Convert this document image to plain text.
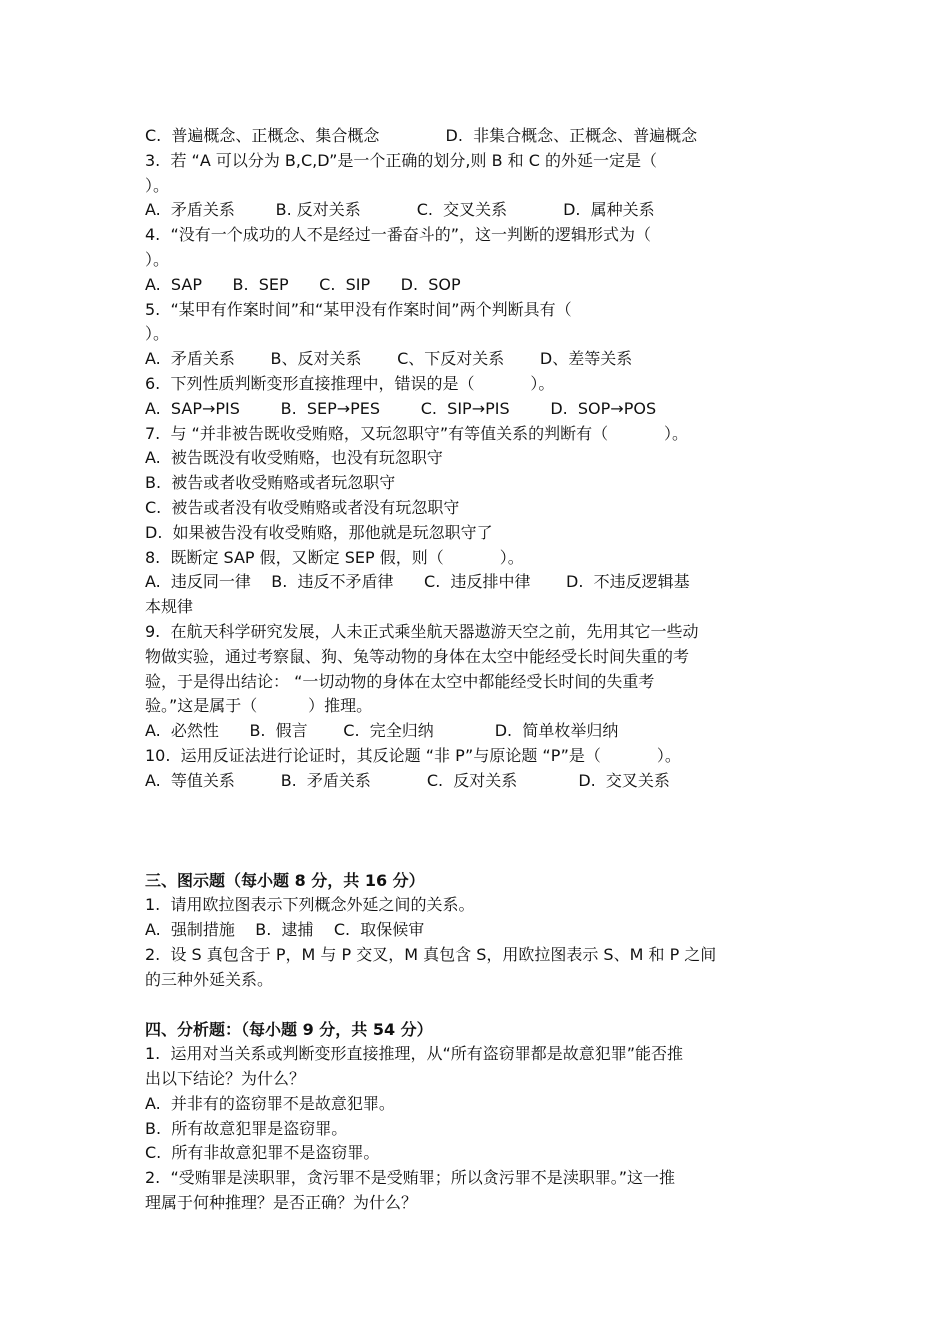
C.  普遍概念、正概念、集合概念             D.  非集合概念、正概念、普遍概念
3.  若 “A 可以分为 B,C,D”是一个正确的划分,则 B 和 C 的外延一定是（
）。
A.  矛盾关系        B. 反对关系           C.  交叉关系           D.  属种关系
4.  “没有一个成功的人不是经过一番奋斗的”，这一判断的逻辑形式为（
）。
A.  SAP      B.  SEP      C.  SIP      D.  SOP
5.  “某甲有作案时间”和“某甲没有作案时间”两个判断具有（
）。
A.  矛盾关系       B、反对关系       C、下反对关系       D、差等关系
6.  下列性质判断变形直接推理中，错误的是（           ）。
A.  SAP→PIS        B.  SEP→PES        C.  SIP→PIS        D.  SOP→POS
7.  与 “并非被告既收受贿赂，又玩忽职守”有等值关系的判断有（           ）。
A.  被告既没有收受贿赂，也没有玩忽职守
B.  被告或者收受贿赂或者玩忽职守
C.  被告或者没有收受贿赂或者没有玩忽职守
D.  如果被告没有收受贿赂，那他就是玩忽职守了
8.  既断定 SAP 假，又断定 SEP 假，则（           ）。
A.  违反同一律    B.  违反不矛盾律      C.  违反排中律       D.  不违反逻辑基
本规律
9.  在航天科学研究发展，人未正式乘坐航天器遨游天空之前，先用其它一些动
物做实验，通过考察鼠、狗、兔等动物的身体在太空中能经受长时间失重的考
验，于是得出结论： “一切动物的身体在太空中都能经受长时间的失重考
验。”这是属于（          ）推理。
A.  必然性      B.  假言       C.  完全归纳            D.  简单枚举归纳
10.  运用反证法进行论证时，其反论题 “非 P”与原论题 “P”是（           ）。
A.  等值关系         B.  矛盾关系           C.  反对关系            D.  交叉关系
三、图示题（每小题 8 分，共 16 分）
1.  请用欧拉图表示下列概念外延之间的关系。
A.  强制措施    B.  逮捕    C.  取保候审
2.  设 S 真包含于 P，M 与 P 交叉，M 真包含 S，用欧拉图表示 S、M 和 P 之间
的三种外延关系。
四、分析题：（每小题 9 分，共 54 分）
1.  运用对当关系或判断变形直接推理，从“所有盗窃罪都是故意犯罪”能否推
出以下结论？为什么？
A.  并非有的盗窃罪不是故意犯罪。
B.  所有故意犯罪是盗窃罪。
C.  所有非故意犯罪不是盗窃罪。
2.  “受贿罪是渎职罪，贪污罪不是受贿罪；所以贪污罪不是渎职罪。”这一推
理属于何种推理？是否正确？为什么？
